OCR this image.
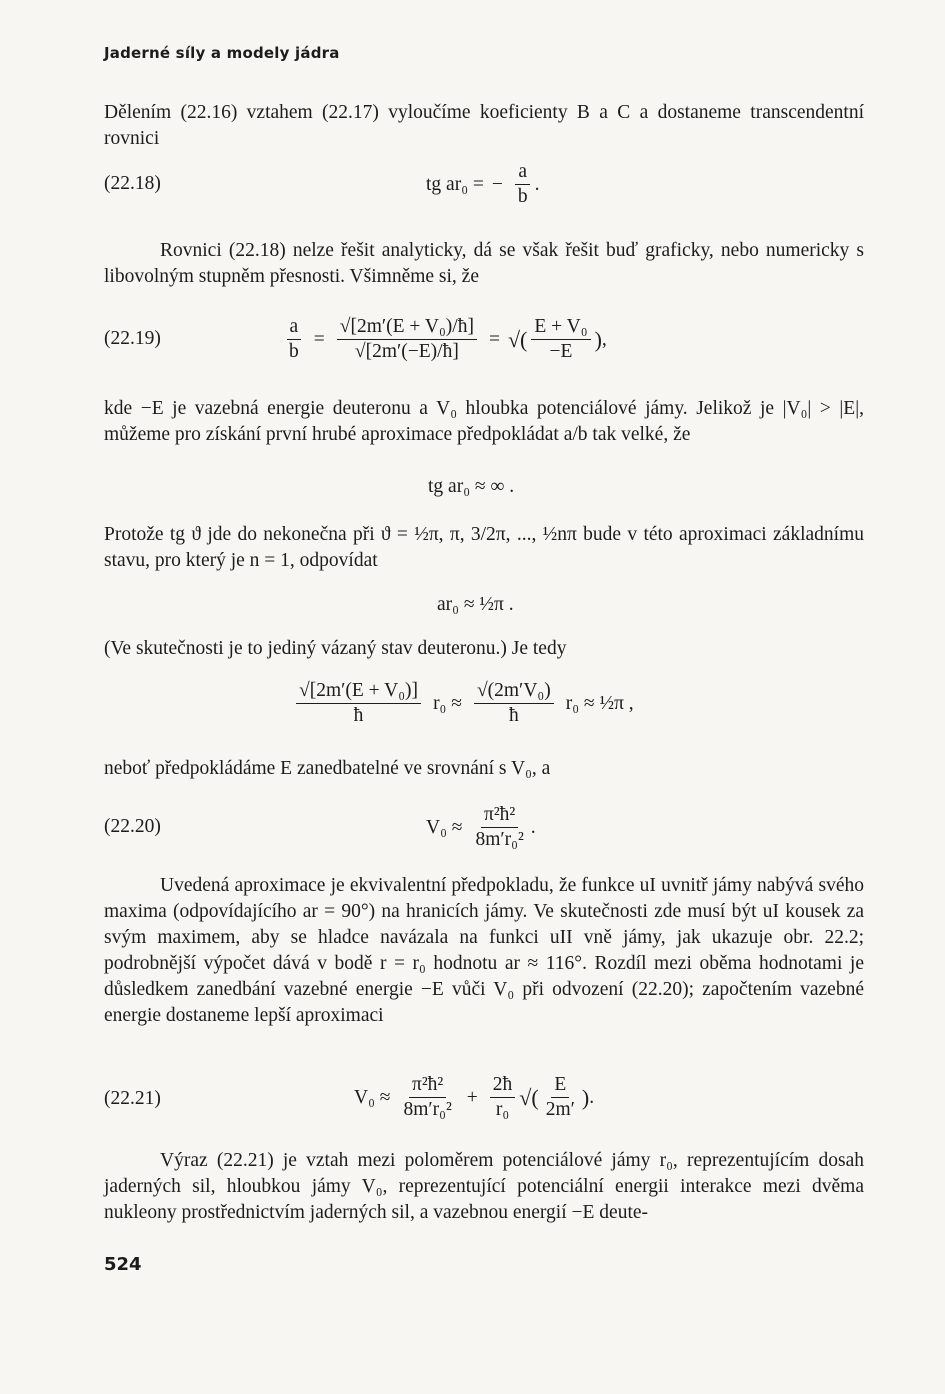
Jaderné síly a modely jádra
Dělením (22.16) vztahem (22.17) vyloučíme koeficienty B a C a dostaneme transcendentní rovnici
(22.18)	tg ar₀ = − $\frac{a}{b}$ .
Rovnici (22.18) nelze řešit analyticky, dá se však řešit buď graficky, nebo numericky s libovolným stupněm přesnosti. Všimněme si, že
(22.19)	$\frac{a}{b} = \frac{\text{√[2m′(E + V₀)/ħ]}}{√[2m'(-E)/ħ]}$ = √( $\frac{\text{E + V₀}}{-E}$ ) ,
kde −E je vazebná energie deuteronu a V₀ hloubka potenciálové jámy. Jelikož je |V₀| > |E|, můžeme pro získání první hrubé aproximace předpokládat a/b tak velké, že
tg ar₀ ≈ ∞ .
Protože tg ϑ jde do nekonečna při ϑ = ½π, π, 3/2π, ..., ½nπ bude v této aproximaci základnímu stavu, pro který je n = 1, odpovídat
ar₀ ≈ ½π .
(Ve skutečnosti je to jediný vázaný stav deuteronu.) Je tedy
$\frac{\text{√[2m′(E + V₀)]}}{ħ} r_0 \approx \frac{\text{√(2m′V₀)}}{ħ} r_0$ ≈ ½π ,
neboť předpokládáme E zanedbatelné ve srovnání s V₀, a
(22.20)	$V_0 \approx \frac{\text{π²ħ²}}{\text{8m′r₀²}}$ .
Uvedená aproximace je ekvivalentní předpokladu, že funkce uI uvnitř jámy nabývá svého maxima (odpovídajícího ar = 90°) na hranicích jámy. Ve skutečnosti zde musí být uI kousek za svým maximem, aby se hladce navázala na funkci uII vně jámy, jak ukazuje obr. 22.2; podrobnější výpočet dává v bodě r = r₀ hodnotu ar ≈ 116°. Rozdíl mezi oběma hodnotami je důsledkem zanedbání vazebné energie −E vůči V₀ při odvození (22.20); započtením vazebné energie dostaneme lepší aproximaci
(22.21)	$V_0 \approx \frac{\text{π²ħ²}}{\text{8m′r₀²}} + \frac{2ħ}{\text{r₀}}$ √( $\frac{E}{2m'}$ ) .
Výraz (22.21) je vztah mezi poloměrem potenciálové jámy r₀, reprezentujícím dosah jaderných sil, hloubkou jámy V₀, reprezentující potenciální energii interakce mezi dvěma nukleony prostřednictvím jaderných sil, a vazebnou energií −E deute-
524
